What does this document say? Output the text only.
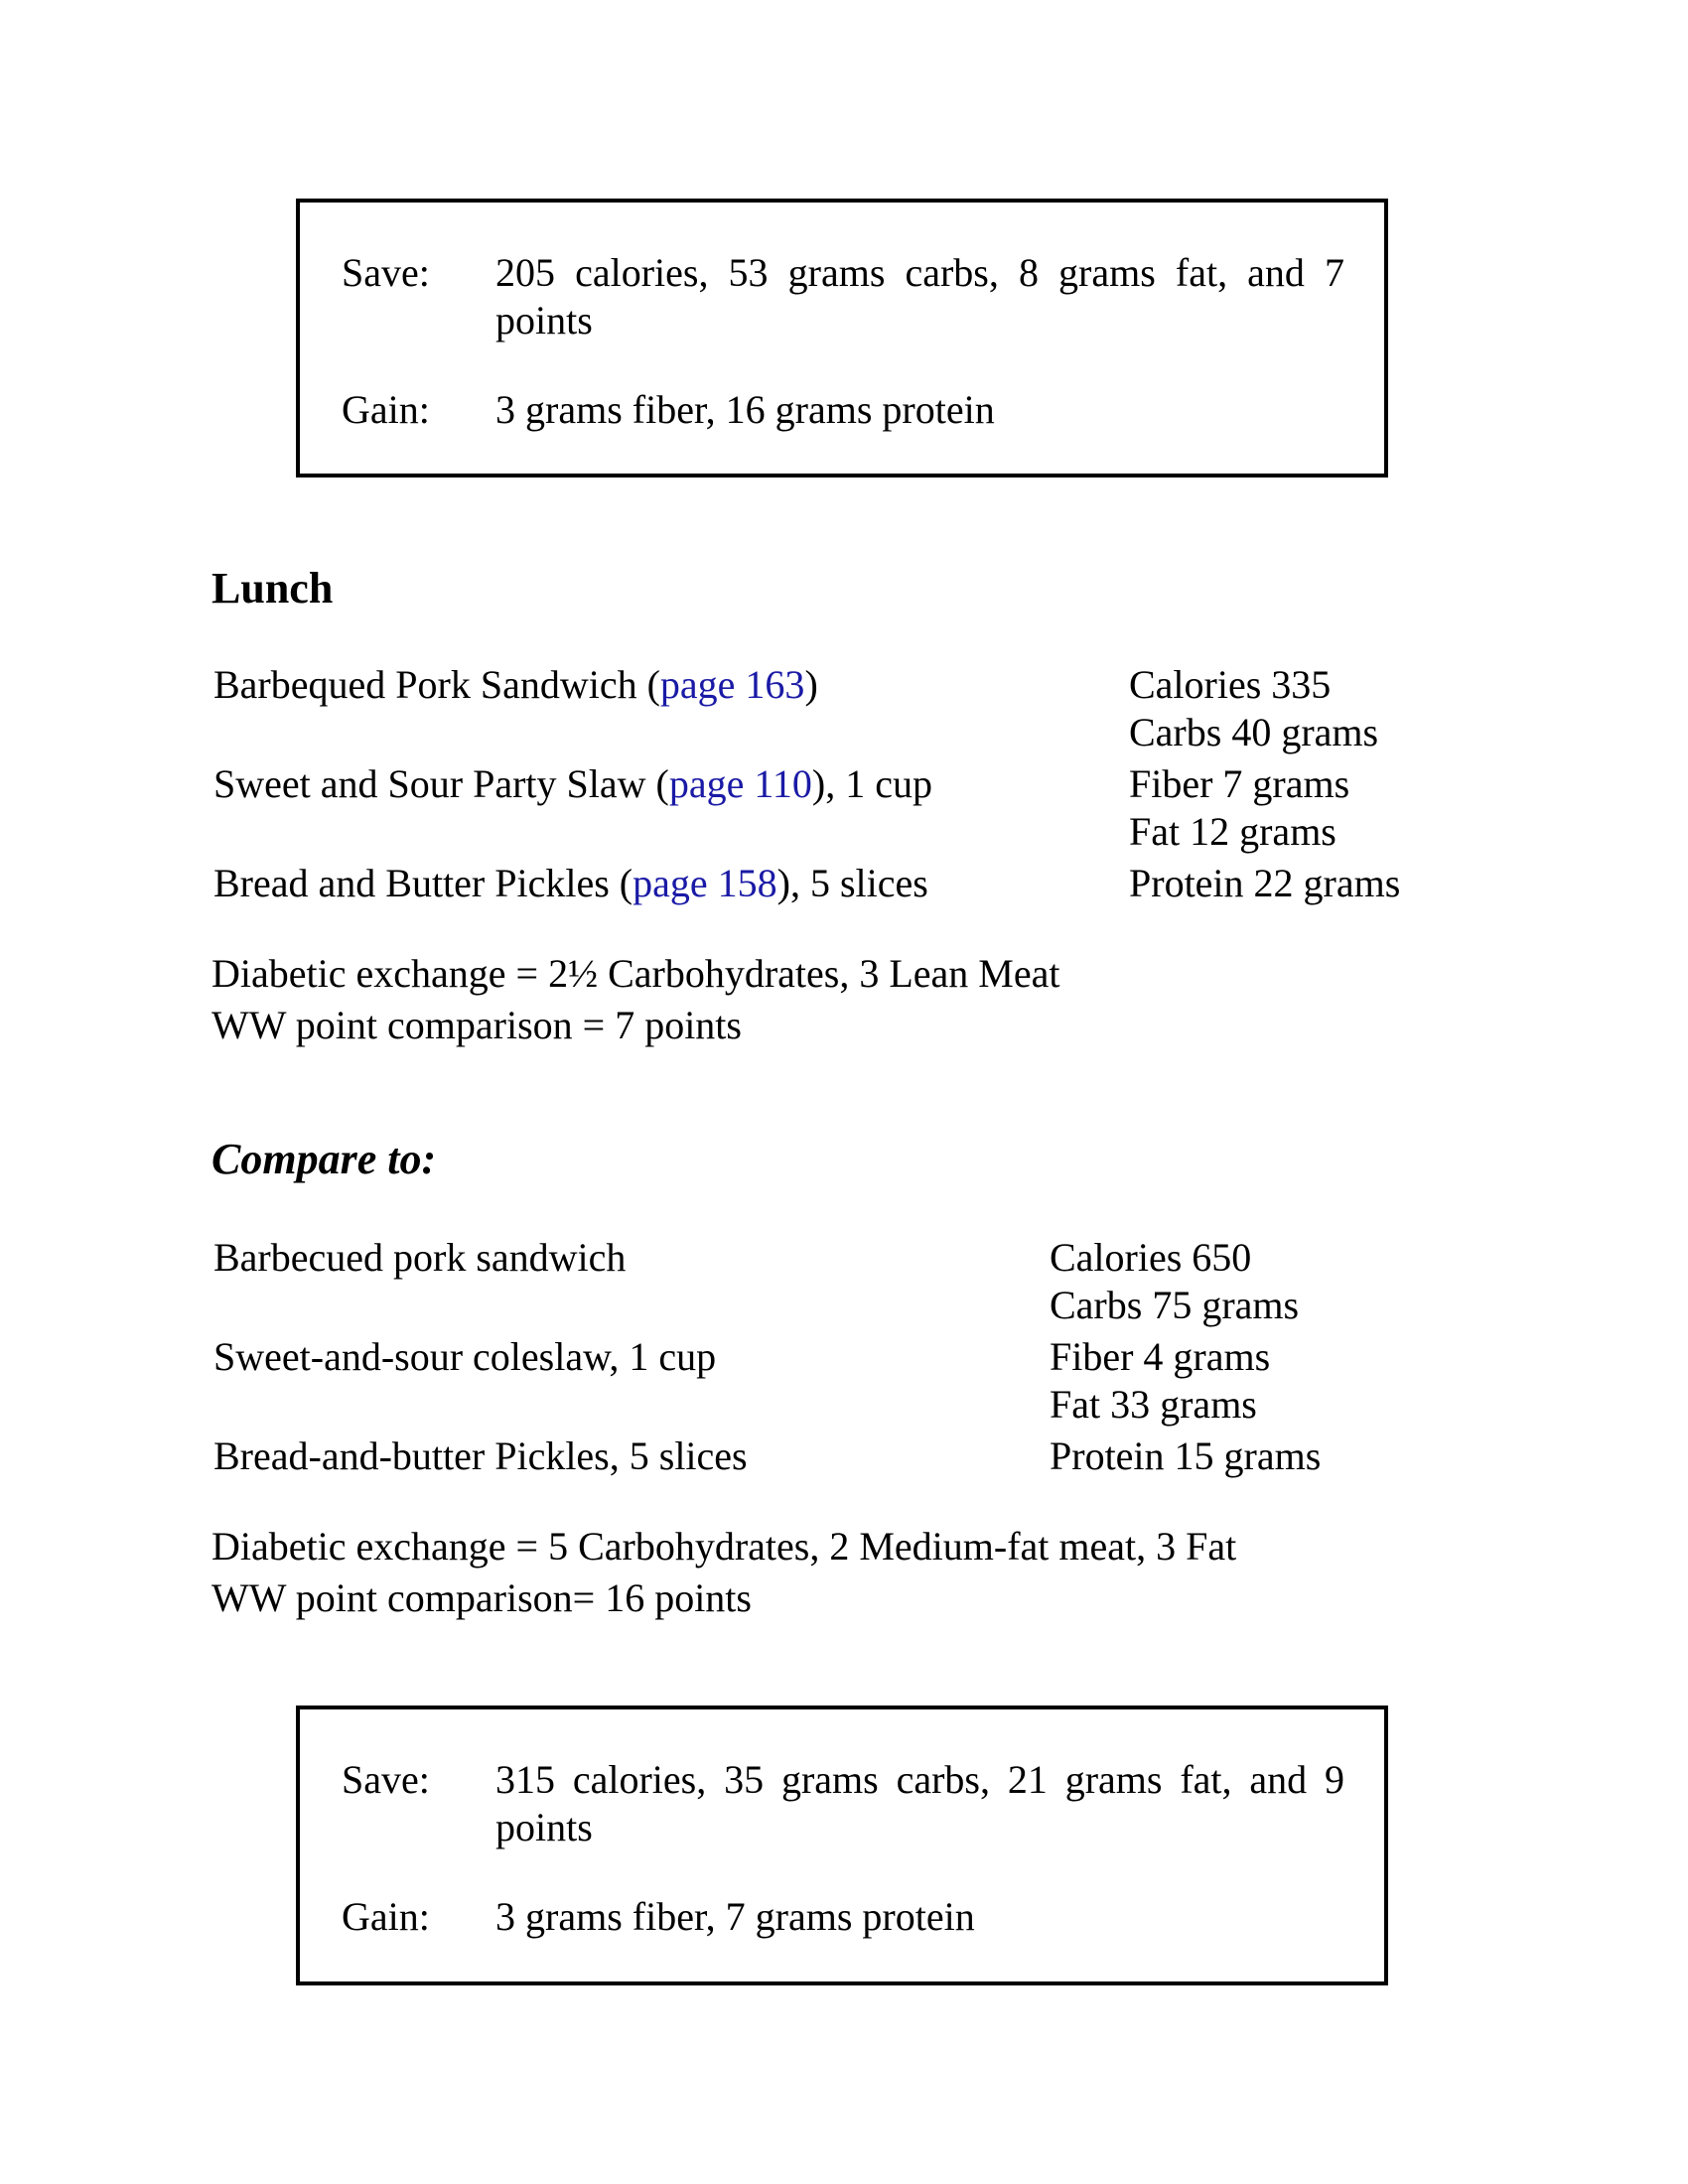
Save:	205 calories, 53 grams carbs, 8 grams fat, and 7 points
Gain:	3 grams fiber, 16 grams protein
Lunch
Barbequed Pork Sandwich (page 163)
Sweet and Sour Party Slaw (page 110), 1 cup
Bread and Butter Pickles (page 158), 5 slices
Calories 335
Carbs 40 grams
Fiber 7 grams
Fat 12 grams
Protein 22 grams
Diabetic exchange = 2½ Carbohydrates, 3 Lean Meat
WW point comparison = 7 points
Compare to:
Barbecued pork sandwich
Sweet-and-sour coleslaw, 1 cup
Bread-and-butter Pickles, 5 slices
Calories 650
Carbs 75 grams
Fiber 4 grams
Fat 33 grams
Protein 15 grams
Diabetic exchange = 5 Carbohydrates, 2 Medium-fat meat, 3 Fat
WW point comparison= 16 points
Save:	315 calories, 35 grams carbs, 21 grams fat, and 9 points
Gain:	3 grams fiber, 7 grams protein
